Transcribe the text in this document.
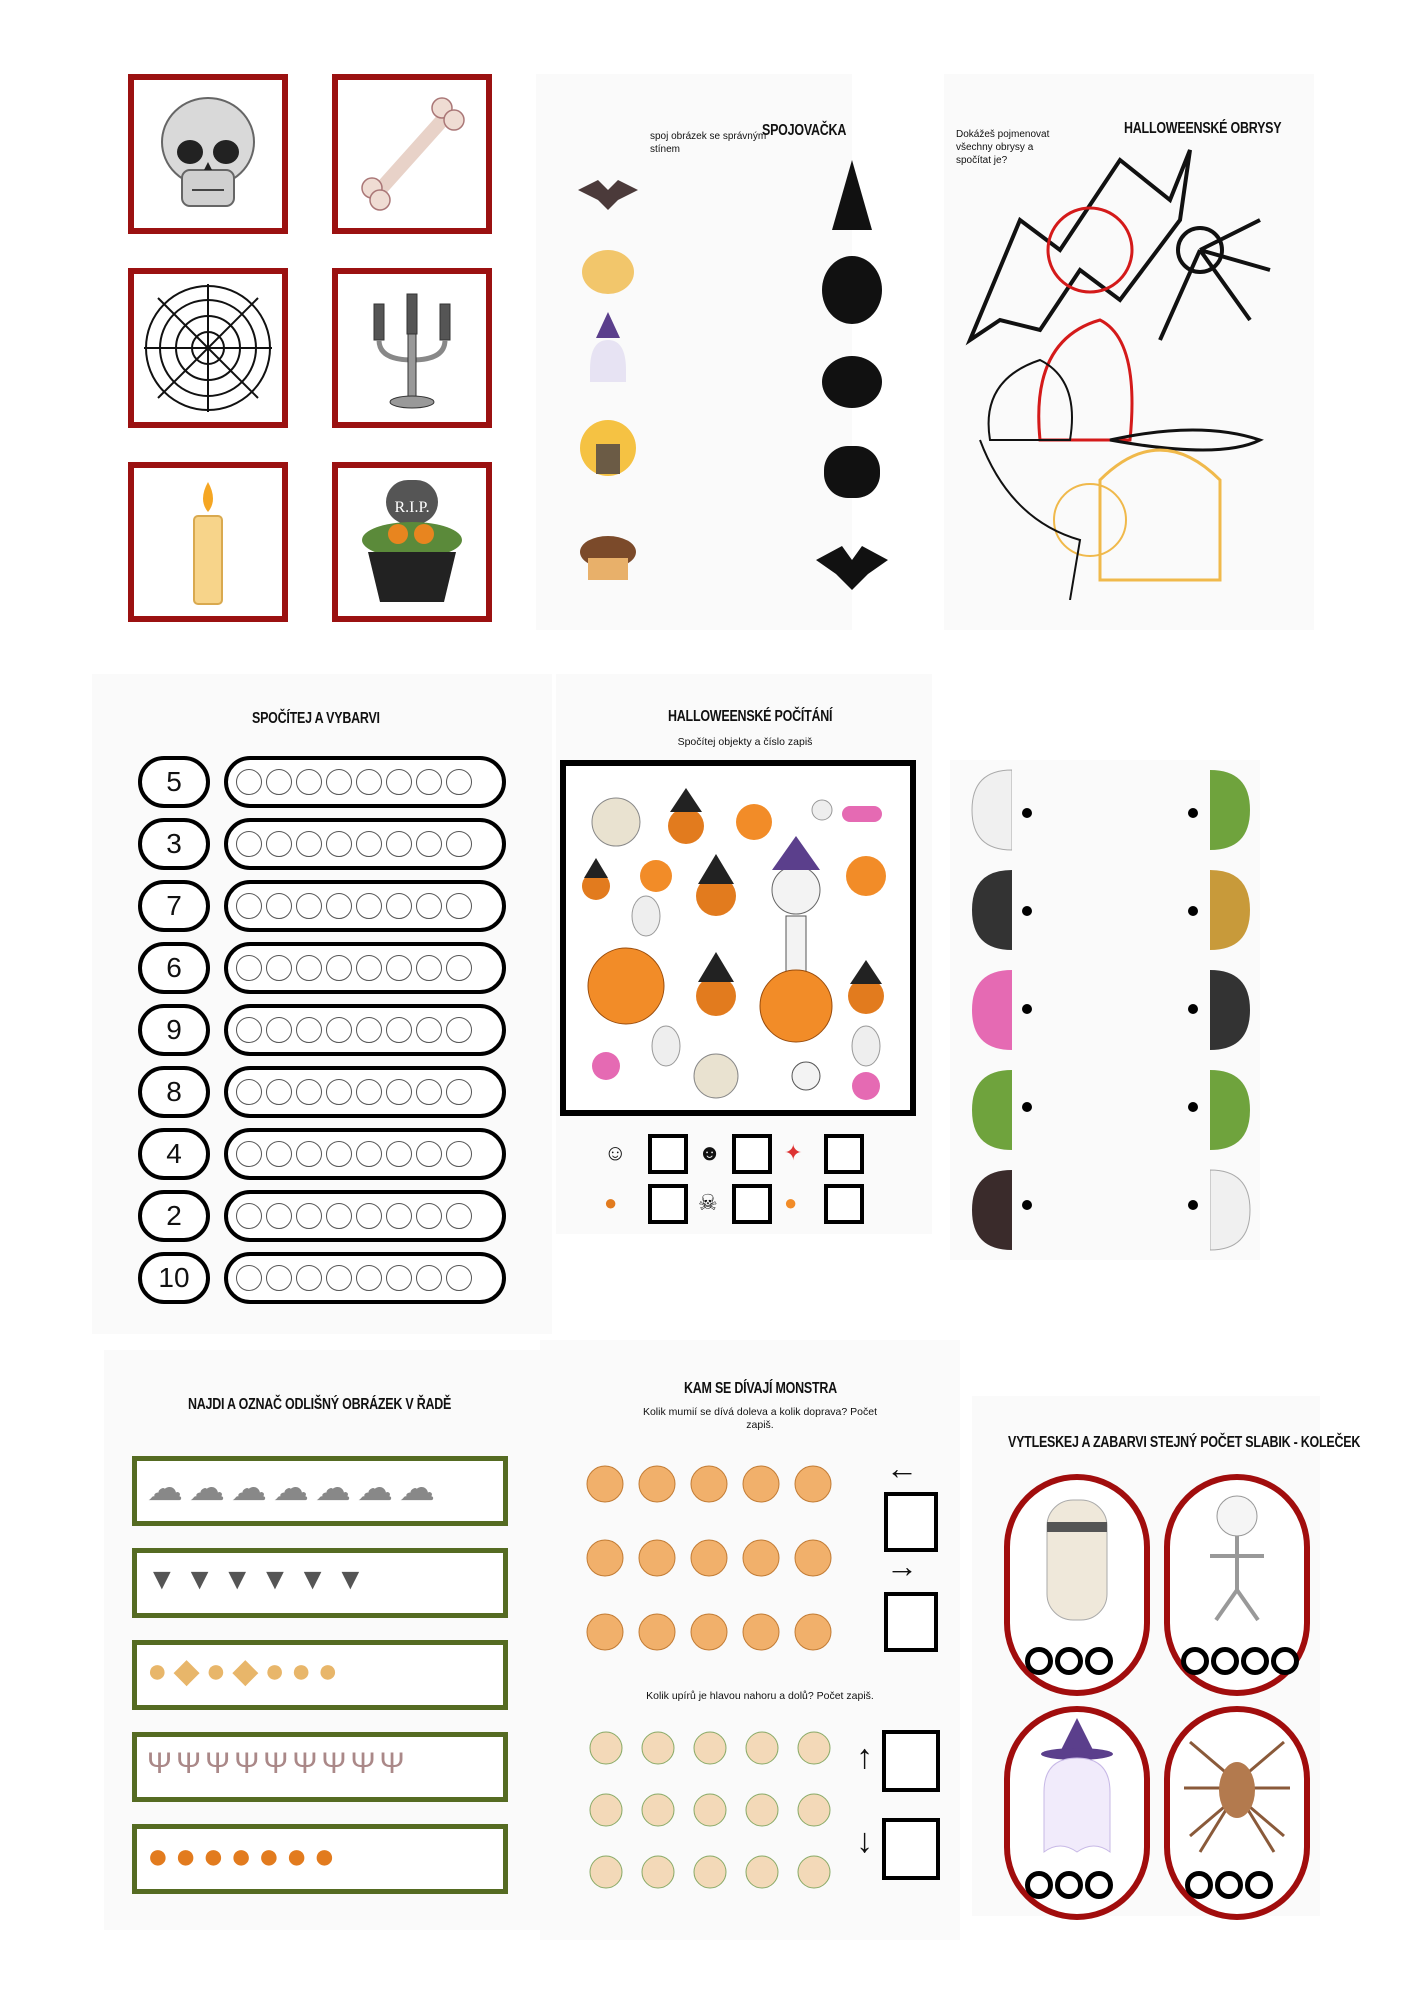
R.I.P.
spoj obrázek se správným stínem
SPOJOVAČKA	Dokážeš pojmenovat všechny obrysy a spočítat je?
HALLOWEENSKÉ OBRYSY
SPOČÍTEJ A VYBARVI
5
3
7
6
9
8
4
2
10
HALLOWEENSKÉ POČÍTÁNÍ
Spočítej objekty a číslo zapiš
☺	☻	✦
●	☠	●
NAJDI A OZNAČ ODLIŠNÝ OBRÁZEK V ŘADĚ
☁☁☁☁☁☁☁
▼▼▼▼▼▼
●◆●◆●●●
ΨΨΨΨΨΨΨΨΨ
●●●●●●●
KAM SE DÍVAJÍ MONSTRA
Kolik mumií se dívá doleva a kolik doprava? Počet zapiš.
←
→
Kolik upírů je hlavou nahoru a dolů? Počet zapiš.
↑
↓
VYTLESKEJ A ZABARVI STEJNÝ POČET SLABIK - KOLEČEK
